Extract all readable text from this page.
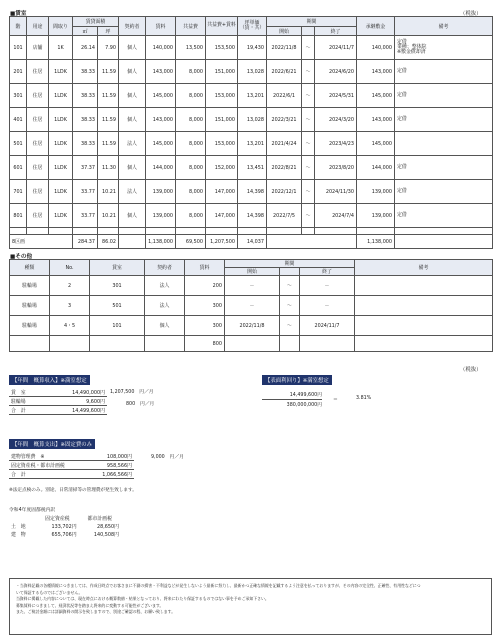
（税抜）
■賃室
階	用途	間取り	賃貸面積		契約者	賃料	共益費	共益費+賃料	坪単価（賃・共）	期間			承継敷金	備考
			㎡	坪						開始		終了		
101	店舗	1K	26.14	7.90	個人	140,000	13,500	153,500	19,430	2022/11/8	～	2024/11/7	140,000	定借
業種：整体院
※敷金償却済
201	住居	1LDK	38.33	11.59	個人	143,000	8,000	151,000	13,028	2022/6/21	～	2024/6/20	143,000	定借
301	住居	1LDK	38.33	11.59	個人	145,000	8,000	153,000	13,201	2022/6/1	～	2024/5/31	145,000	定借
401	住居	1LDK	38.33	11.59	個人	143,000	8,000	151,000	13,028	2022/3/21	～	2024/3/20	143,000	定借
501	住居	1LDK	38.33	11.59	法人	145,000	8,000	153,000	13,201	2021/4/24	～	2023/4/23	145,000	
601	住居	1LDK	37.37	11.30	個人	144,000	8,000	152,000	13,451	2022/8/21	～	2023/8/20	144,000	定借
701	住居	1LDK	33.77	10.21	法人	139,000	8,000	147,000	14,398	2022/12/1	～	2024/11/30	139,000	定借
801	住居	1LDK	33.77	10.21	個人	139,000	8,000	147,000	14,398	2022/7/5	～	2024/7/4	139,000	定借

8区画			284.37	86.02		1,138,000	69,500	1,207,500	14,037				1,138,000	
■その他
種類	No.	賃室	契約者	賃料	期間			備考
					開始		終了	
駐輪場	2	301	法人	200	－	～	－	
駐輪場	3	501	法人	300	－	～	－	
駐輪場	4・5	101	個人	300	2022/11/8	～	2024/11/7	
				800				
（税抜）
【年間　概算収入】※満室想定
賃　室	14,490,000円
駐輪場	9,600円
合　計	14,499,600円
1,207,500　円／月
800　円／月
【表面利回り】※満室想定
14,499,600円
380,000,000円
＝	3.81%
【年間　概算支出】※固定費のみ
建物管理費　※	108,000円
固定資産税・都市計画税	958,566円
合　計	1,066,566円
9,000　円／月
※法定点検のみ。別途、日常清掃等の管理費が発生致します。
令和4年度固都税内訳
	固定資産税	都市計画税
土　地	133,702円	28,650円
建　物	655,706円	140,508円
・当資料記載の各種情報につきましては、作成日時点でお客さまに不測の損害・不利益などが発生しないよう最新に努力し、最新かつ正確な情報を記載するよう注意を払っておりますが、その内容の完全性、正確性、有用性などにつ
いて保証するものではございません。
当資料に掲載した内容については、現在時点における概算数値・結果となっており、将来にわたり保証するものではない事を予めご承知下さい。
募集賃料につきまして、経済状況等を踏まえ将来的に変動する可能性がございます。
また、ご検討金額には詳細資料の開示を致しますので、別途ご確認の程、お願い致します。
